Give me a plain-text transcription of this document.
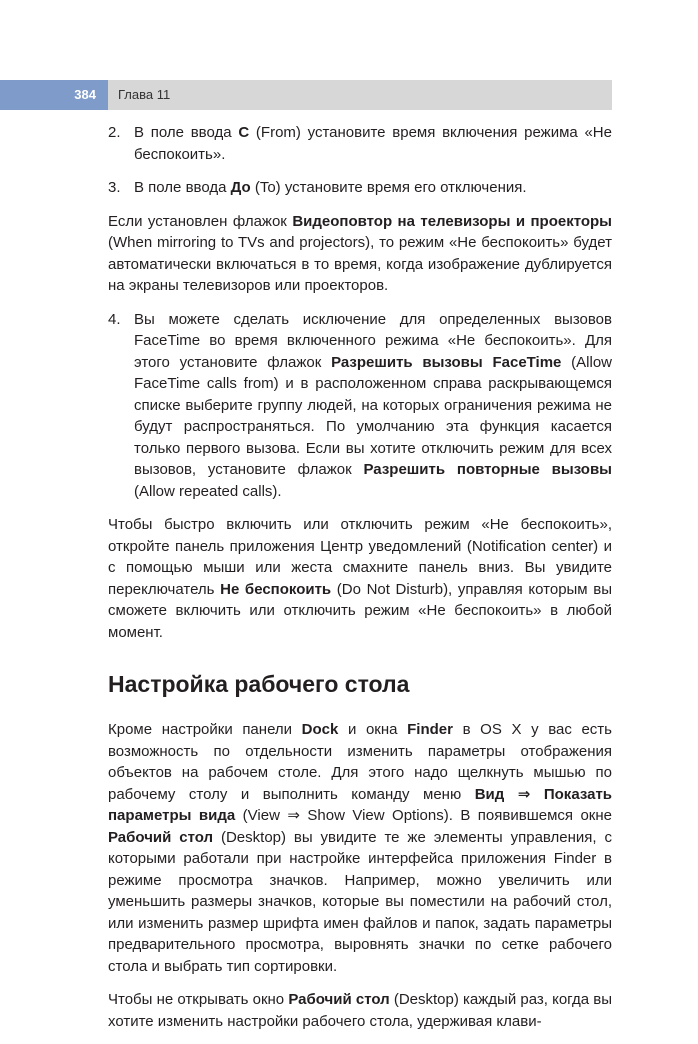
384	Глава 11
2. В поле ввода C (From) установите время включения режима «Не беспокоить».
3. В поле ввода До (To) установите время его отключения.

Если установлен флажок Видеоповтор на телевизоры и проекторы (When mirroring to TVs and projectors), то режим «Не беспокоить» будет автоматически включаться в то время, когда изображение дублируется на экраны телевизоров или проекторов.

4. Вы можете сделать исключение для определенных вызовов FaceTime во время включенного режима «Не беспокоить». Для этого установите флажок Разрешить вызовы FaceTime (Allow FaceTime calls from) и в расположенном справа раскрывающемся списке выберите группу людей, на которых ограничения режима не будут распространяться. По умолчанию эта функция касается только первого вызова. Если вы хотите отключить режим для всех вызовов, установите флажок Разрешить повторные вызовы (Allow repeated calls).

Чтобы быстро включить или отключить режим «Не беспокоить», откройте панель приложения Центр уведомлений (Notification center) и с помощью мыши или жеста смахните панель вниз. Вы увидите переключатель Не беспокоить (Do Not Disturb), управляя которым вы сможете включить или отключить режим «Не беспокоить» в любой момент.

Настройка рабочего стола

Кроме настройки панели Dock и окна Finder в OS X у вас есть возможность по отдельности изменить параметры отображения объектов на рабочем столе. Для этого надо щелкнуть мышью по рабочему столу и выполнить команду меню Вид ⇒ Показать параметры вида (View ⇒ Show View Options). В появившемся окне Рабочий стол (Desktop) вы увидите те же элементы управления, с которыми работали при настройке интерфейса приложения Finder в режиме просмотра значков. Например, можно увеличить или уменьшить размеры значков, которые вы поместили на рабочий стол, или изменить размер шрифта имен файлов и папок, задать параметры предварительного просмотра, выровнять значки по сетке рабочего стола и выбрать тип сортировки.

Чтобы не открывать окно Рабочий стол (Desktop) каждый раз, когда вы хотите изменить настройки рабочего стола, удерживая клави-
